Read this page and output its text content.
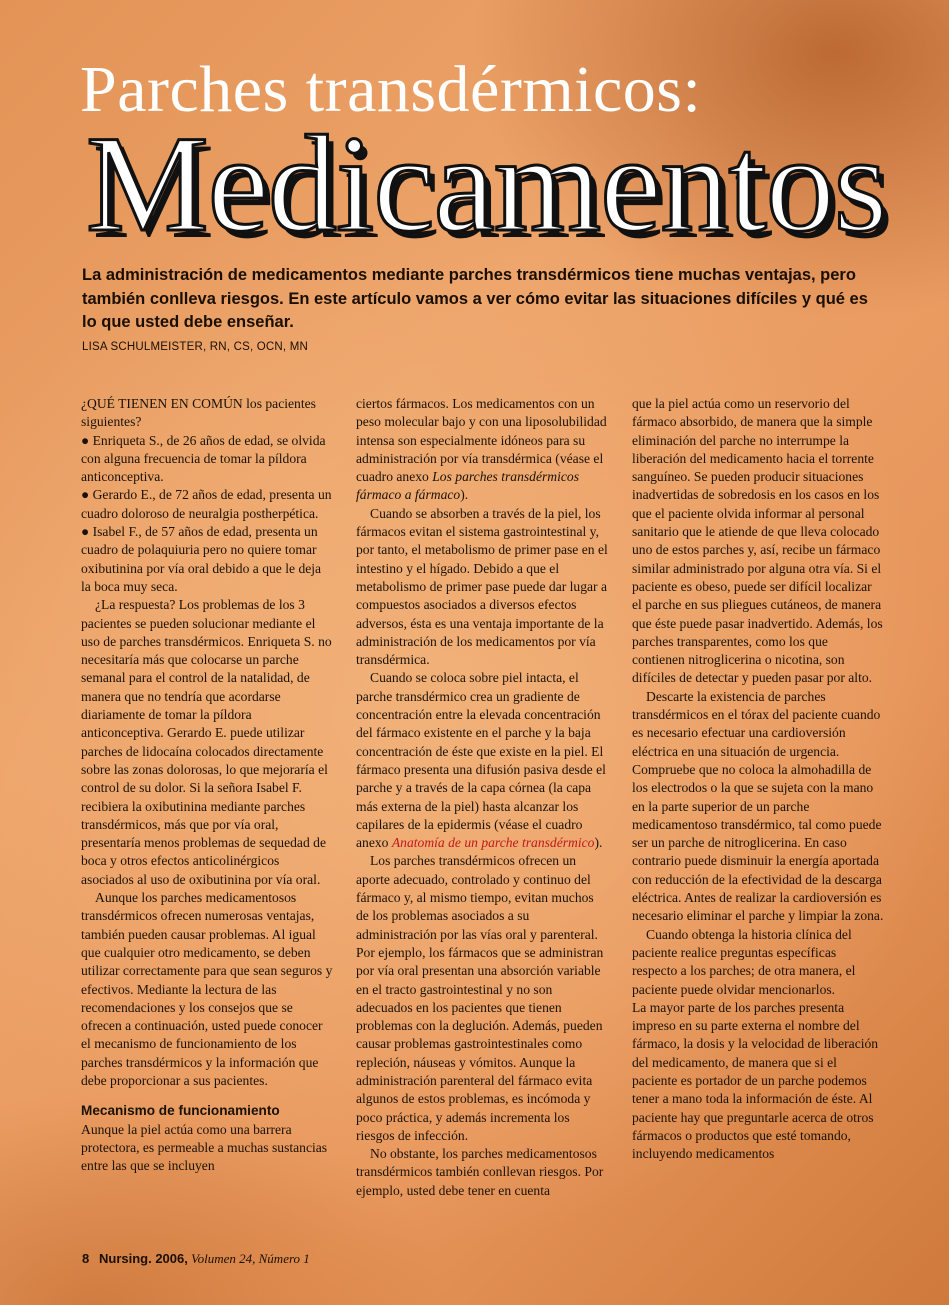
Parches transdérmicos:
Medicamentos

La administración de medicamentos mediante parches transdérmicos tiene muchas ventajas, pero también conlleva riesgos. En este artículo vamos a ver cómo evitar las situaciones difíciles y qué es lo que usted debe enseñar.

LISA SCHULMEISTER, RN, CS, OCN, MN

¿QUÉ TIENEN EN COMÚN los pacientes siguientes?

● Enriqueta S., de 26 años de edad, se olvida con alguna frecuencia de tomar la píldora anticonceptiva.

● Gerardo E., de 72 años de edad, presenta un cuadro doloroso de neuralgia postherpética.

● Isabel F., de 57 años de edad, presenta un cuadro de polaquiuria pero no quiere tomar oxibutinina por vía oral debido a que le deja la boca muy seca.

¿La respuesta? Los problemas de los 3 pacientes se pueden solucionar mediante el uso de parches transdérmicos. Enriqueta S. no necesitaría más que colocarse un parche semanal para el control de la natalidad, de manera que no tendría que acordarse diariamente de tomar la píldora anticonceptiva. Gerardo E. puede utilizar parches de lidocaína colocados directamente sobre las zonas dolorosas, lo que mejoraría el control de su dolor. Si la señora Isabel F. recibiera la oxibutinina mediante parches transdérmicos, más que por vía oral, presentaría menos problemas de sequedad de boca y otros efectos anticolinérgicos asociados al uso de oxibutinina por vía oral.

Aunque los parches medicamentosos transdérmicos ofrecen numerosas ventajas, también pueden causar problemas. Al igual que cualquier otro medicamento, se deben utilizar correctamente para que sean seguros y efectivos. Mediante la lectura de las recomendaciones y los consejos que se ofrecen a continuación, usted puede conocer el mecanismo de funcionamiento de los parches transdérmicos y la información que debe proporcionar a sus pacientes.

Mecanismo de funcionamiento

Aunque la piel actúa como una barrera protectora, es permeable a muchas sustancias entre las que se incluyen

ciertos fármacos. Los medicamentos con un peso molecular bajo y con una liposolubilidad intensa son especialmente idóneos para su administración por vía transdérmica (véase el cuadro anexo Los parches transdérmicos fármaco a fármaco).

Cuando se absorben a través de la piel, los fármacos evitan el sistema gastrointestinal y, por tanto, el metabolismo de primer pase en el intestino y el hígado. Debido a que el metabolismo de primer pase puede dar lugar a compuestos asociados a diversos efectos adversos, ésta es una ventaja importante de la administración de los medicamentos por vía transdérmica.

Cuando se coloca sobre piel intacta, el parche transdérmico crea un gradiente de concentración entre la elevada concentración del fármaco existente en el parche y la baja concentración de éste que existe en la piel. El fármaco presenta una difusión pasiva desde el parche y a través de la capa córnea (la capa más externa de la piel) hasta alcanzar los capilares de la epidermis (véase el cuadro anexo Anatomía de un parche transdérmico).

Los parches transdérmicos ofrecen un aporte adecuado, controlado y continuo del fármaco y, al mismo tiempo, evitan muchos de los problemas asociados a su administración por las vías oral y parenteral. Por ejemplo, los fármacos que se administran por vía oral presentan una absorción variable en el tracto gastrointestinal y no son adecuados en los pacientes que tienen problemas con la deglución. Además, pueden causar problemas gastrointestinales como repleción, náuseas y vómitos. Aunque la administración parenteral del fármaco evita algunos de estos problemas, es incómoda y poco práctica, y además incrementa los riesgos de infección.

No obstante, los parches medicamentosos transdérmicos también conllevan riesgos. Por ejemplo, usted debe tener en cuenta

que la piel actúa como un reservorio del fármaco absorbido, de manera que la simple eliminación del parche no interrumpe la liberación del medicamento hacia el torrente sanguíneo. Se pueden producir situaciones inadvertidas de sobredosis en los casos en los que el paciente olvida informar al personal sanitario que le atiende de que lleva colocado uno de estos parches y, así, recibe un fármaco similar administrado por alguna otra vía. Si el paciente es obeso, puede ser difícil localizar el parche en sus pliegues cutáneos, de manera que éste puede pasar inadvertido. Además, los parches transparentes, como los que contienen nitroglicerina o nicotina, son difíciles de detectar y pueden pasar por alto.

Descarte la existencia de parches transdérmicos en el tórax del paciente cuando es necesario efectuar una cardioversión eléctrica en una situación de urgencia. Compruebe que no coloca la almohadilla de los electrodos o la que se sujeta con la mano en la parte superior de un parche medicamentoso transdérmico, tal como puede ser un parche de nitroglicerina. En caso contrario puede disminuir la energía aportada con reducción de la efectividad de la descarga eléctrica. Antes de realizar la cardioversión es necesario eliminar el parche y limpiar la zona.

Cuando obtenga la historia clínica del paciente realice preguntas específicas respecto a los parches; de otra manera, el paciente puede olvidar mencionarlos.

La mayor parte de los parches presenta impreso en su parte externa el nombre del fármaco, la dosis y la velocidad de liberación del medicamento, de manera que si el paciente es portador de un parche podemos tener a mano toda la información de éste. Al paciente hay que preguntarle acerca de otros fármacos o productos que esté tomando, incluyendo medicamentos

8 Nursing. 2006, Volumen 24, Número 1
